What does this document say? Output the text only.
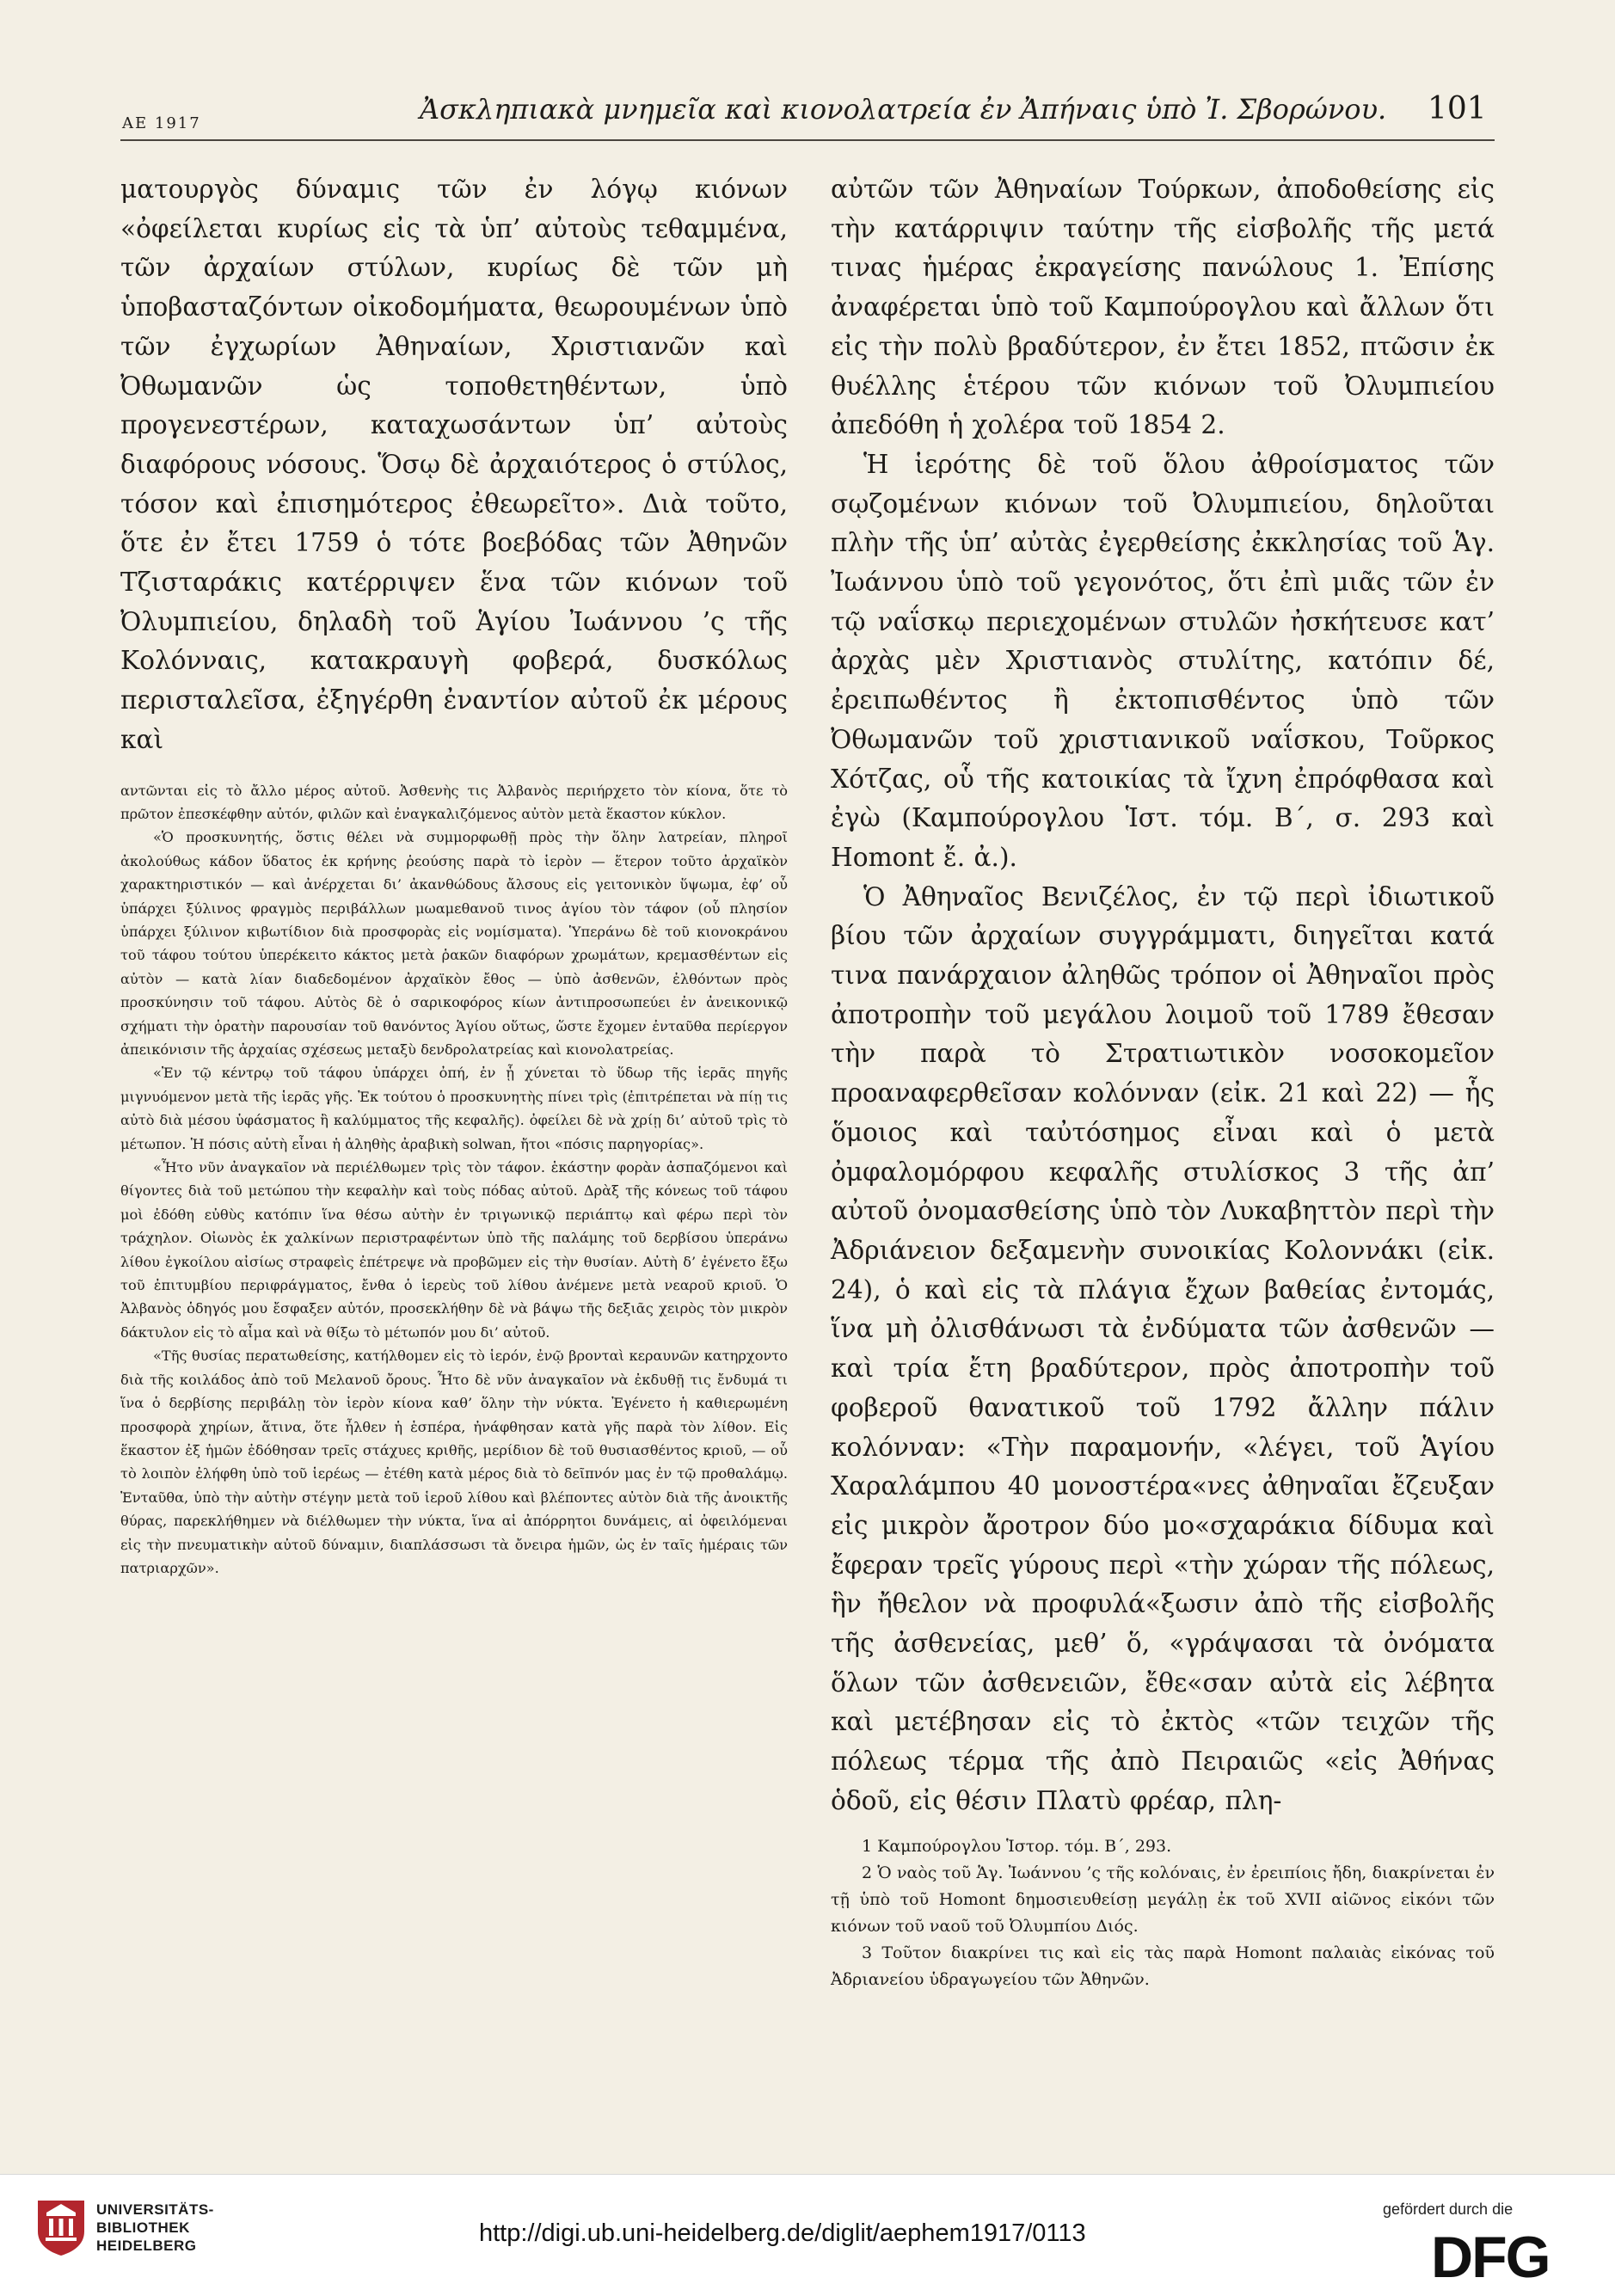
ΑΕ 1917	Ἀσκληπιακὰ μνημεῖα καὶ κιονολατρεία ἐν Ἀπήναις ὑπὸ Ἰ. Σβορώνου. 101

ματουργὸς δύναμις τῶν ἐν λόγῳ κιόνων «ὀφείλεται κυρίως εἰς τὰ ὑπ’ αὐτοὺς τεθαμμένα, τῶν ἀρχαίων στύλων, κυρίως δὲ τῶν μὴ ὑποβασταζόντων οἰκοδομήματα, θεωρουμένων ὑπὸ τῶν ἐγχωρίων Ἀθηναίων, Χριστιανῶν καὶ Ὀθωμανῶν ὡς τοποθετηθέντων, ὑπὸ προγενεστέρων, καταχωσάντων ὑπ’ αὐτοὺς διαφόρους νόσους. Ὅσῳ δὲ ἀρχαιότερος ὁ στύλος, τόσον καὶ ἐπισημότερος ἐθεωρεῖτο». Διὰ τοῦτο, ὅτε ἐν ἔτει 1759 ὁ τότε βοεβόδας τῶν Ἀθηνῶν Τζισταράκις κατέρριψεν ἕνα τῶν κιόνων τοῦ Ὀλυμπιείου, δηλαδὴ τοῦ Ἁγίου Ἰωάννου ’ς τῆς Κολόνναις, κατακραυγὴ φοβερά, δυσκόλως περισταλεῖσα, ἐξηγέρθη ἐναντίον αὐτοῦ ἐκ μέρους καὶ

αντῶνται εἰς τὸ ἄλλο μέρος αὐτοῦ. Ἀσθενὴς τις Ἀλβανὸς περιήρχετο τὸν κίονα, ὅτε τὸ πρῶτον ἐπεσκέφθην αὐτόν, φιλῶν καὶ ἐναγκαλιζόμενος αὐτὸν μετὰ ἕκαστον κύκλον.

«Ὁ προσκυνητής, ὅστις θέλει νὰ συμμορφωθῇ πρὸς τὴν ὅλην λατρείαν, πληροῖ ἀκολούθως κάδον ὕδατος ἐκ κρήνης ῥεούσης παρὰ τὸ ἱερὸν — ἕτερον τοῦτο ἀρχαϊκὸν χαρακτηριστικόν — καὶ ἀνέρχεται δι’ ἀκανθώδους ἄλσους εἰς γειτονικὸν ὕψωμα, ἐφ’ οὗ ὑπάρχει ξύλινος φραγμὸς περιβάλλων μωαμεθανοῦ τινος ἁγίου τὸν τάφον (οὗ πλησίον ὑπάρχει ξύλινον κιβωτίδιον διὰ προσφορὰς εἰς νομίσματα). Ὑπεράνω δὲ τοῦ κιονοκράνου τοῦ τάφου τούτου ὑπερέκειτο κάκτος μετὰ ῥακῶν διαφόρων χρωμάτων, κρεμασθέντων εἰς αὐτὸν — κατὰ λίαν διαδεδομένον ἀρχαϊκὸν ἔθος — ὑπὸ ἀσθενῶν, ἐλθόντων πρὸς προσκύνησιν τοῦ τάφου. Αὐτὸς δὲ ὁ σαρικοφόρος κίων ἀντιπροσωπεύει ἐν ἀνεικονικῷ σχήματι τὴν ὁρατὴν παρουσίαν τοῦ θανόντος Ἁγίου οὕτως, ὥστε ἔχομεν ἐνταῦθα περίεργον ἀπεικόνισιν τῆς ἀρχαίας σχέσεως μεταξὺ δενδρολατρείας καὶ κιονολατρείας.

«Ἐν τῷ κέντρῳ τοῦ τάφου ὑπάρχει ὀπή, ἐν ᾗ χύνεται τὸ ὕδωρ τῆς ἱερᾶς πηγῆς μιγνυόμενον μετὰ τῆς ἱερᾶς γῆς. Ἐκ τούτου ὁ προσκυνητὴς πίνει τρὶς (ἐπιτρέπεται νὰ πίῃ τις αὐτὸ διὰ μέσου ὑφάσματος ἢ καλύμματος τῆς κεφαλῆς). ὀφείλει δὲ νὰ χρίῃ δι’ αὐτοῦ τρὶς τὸ μέτωπον. Ἡ πόσις αὐτὴ εἶναι ἡ ἀληθὴς ἀραβικὴ solwan, ἤτοι «πόσις παρηγορίας».

«Ἦτο νῦν ἀναγκαῖον νὰ περιέλθωμεν τρὶς τὸν τάφον. ἑκάστην φορὰν ἀσπαζόμενοι καὶ θίγοντες διὰ τοῦ μετώπου τὴν κεφαλὴν καὶ τοὺς πόδας αὐτοῦ. Δρὰξ τῆς κόνεως τοῦ τάφου μοὶ ἐδόθη εὐθὺς κατόπιν ἵνα θέσω αὐτὴν ἐν τριγωνικῷ περιάπτῳ καὶ φέρω περὶ τὸν τράχηλον. Οἰωνὸς ἐκ χαλκίνων περιστραφέντων ὑπὸ τῆς παλάμης τοῦ δερβίσου ὑπεράνω λίθου ἐγκοίλου αἰσίως στραφεὶς ἐπέτρεψε νὰ προβῶμεν εἰς τὴν θυσίαν. Αὐτὴ δ’ ἐγένετο ἔξω τοῦ ἐπιτυμβίου περιφράγματος, ἔνθα ὁ ἱερεὺς τοῦ λίθου ἀνέμενε μετὰ νεαροῦ κριοῦ. Ὁ Ἀλβανὸς ὁδηγός μου ἔσφαξεν αὐτόν, προσεκλήθην δὲ νὰ βάψω τῆς δεξιᾶς χειρὸς τὸν μικρὸν δάκτυλον εἰς τὸ αἷμα καὶ νὰ θίξω τὸ μέτωπόν μου δι’ αὐτοῦ.

«Τῆς θυσίας περατωθείσης, κατήλθομεν εἰς τὸ ἱερόν, ἐνῷ βρονταὶ κεραυνῶν κατηρχοντο διὰ τῆς κοιλάδος ἀπὸ τοῦ Μελανοῦ ὄρους. Ἦτο δὲ νῦν ἀναγκαῖον νὰ ἐκδυθῇ τις ἔνδυμά τι ἵνα ὁ δερβίσης περιβάλῃ τὸν ἱερὸν κίονα καθ’ ὅλην τὴν νύκτα. Ἐγένετο ἡ καθιερωμένη προσφορὰ χηρίων, ἅτινα, ὅτε ἦλθεν ἡ ἑσπέρα, ἠνάφθησαν κατὰ γῆς παρὰ τὸν λίθον. Εἰς ἕκαστον ἐξ ἡμῶν ἐδόθησαν τρεῖς στάχυες κριθῆς, μερίδιον δὲ τοῦ θυσιασθέντος κριοῦ, — οὗ τὸ λοιπὸν ἐλήφθη ὑπὸ τοῦ ἱερέως — ἐτέθη κατὰ μέρος διὰ τὸ δεῖπνόν μας ἐν τῷ προθαλάμῳ. Ἐνταῦθα, ὑπὸ τὴν αὐτὴν στέγην μετὰ τοῦ ἱεροῦ λίθου καὶ βλέποντες αὐτὸν διὰ τῆς ἀνοικτῆς θύρας, παρεκλήθημεν νὰ διέλθωμεν τὴν νύκτα, ἵνα αἱ ἀπόρρητοι δυνάμεις, αἱ ὀφειλόμεναι εἰς τὴν πνευματικὴν αὐτοῦ δύναμιν, διαπλάσσωσι τὰ ὄνειρα ἡμῶν, ὡς ἐν ταῖς ἡμέραις τῶν πατριαρχῶν».

αὐτῶν τῶν Ἀθηναίων Τούρκων, ἀποδοθείσης εἰς τὴν κατάρριψιν ταύτην τῆς εἰσβολῆς τῆς μετά τινας ἡμέρας ἐκραγείσης πανώλους 1. Ἐπίσης ἀναφέρεται ὑπὸ τοῦ Καμπούρογλου καὶ ἄλλων ὅτι εἰς τὴν πολὺ βραδύτερον, ἐν ἔτει 1852, πτῶσιν ἐκ θυέλλης ἑτέρου τῶν κιόνων τοῦ Ὀλυμπιείου ἀπεδόθη ἡ χολέρα τοῦ 1854 2.

Ἡ ἱερότης δὲ τοῦ ὅλου ἀθροίσματος τῶν σῳζομένων κιόνων τοῦ Ὀλυμπιείου, δηλοῦται πλὴν τῆς ὑπ’ αὐτὰς ἐγερθείσης ἐκκλησίας τοῦ Ἁγ. Ἰωάννου ὑπὸ τοῦ γεγονότος, ὅτι ἐπὶ μιᾶς τῶν ἐν τῷ ναΐσκῳ περιεχομένων στυλῶν ἠσκήτευσε κατ’ ἀρχὰς μὲν Χριστιανὸς στυλίτης, κατόπιν δέ, ἐρειπωθέντος ἢ ἐκτοπισθέντος ὑπὸ τῶν Ὀθωμανῶν τοῦ χριστιανικοῦ ναΐσκου, Τοῦρκος Χότζας, οὗ τῆς κατοικίας τὰ ἴχνη ἐπρόφθασα καὶ ἐγὼ (Καμπούρογλου Ἱστ. τόμ. Β΄, σ. 293 καὶ Homont ἔ. ἀ.).

Ὁ Ἀθηναῖος Βενιζέλος, ἐν τῷ περὶ ἰδιωτικοῦ βίου τῶν ἀρχαίων συγγράμματι, διηγεῖται κατά τινα πανάρχαιον ἀληθῶς τρόπον οἱ Ἀθηναῖοι πρὸς ἀποτροπὴν τοῦ μεγάλου λοιμοῦ τοῦ 1789 ἔθεσαν τὴν παρὰ τὸ Στρατιωτικὸν νοσοκομεῖον προαναφερθεῖσαν κολόνναν (εἰκ. 21 καὶ 22) — ἧς ὅμοιος καὶ ταὐτόσημος εἶναι καὶ ὁ μετὰ ὀμφαλομόρφου κεφαλῆς στυλίσκος 3 τῆς ἀπ’ αὐτοῦ ὀνομασθείσης ὑπὸ τὸν Λυκαβηττὸν περὶ τὴν Ἀδριάνειον δεξαμενὴν συνοικίας Κολοννάκι (εἰκ. 24), ὁ καὶ εἰς τὰ πλάγια ἔχων βαθείας ἐντομάς, ἵνα μὴ ὀλισθάνωσι τὰ ἐνδύματα τῶν ἀσθενῶν — καὶ τρία ἔτη βραδύτερον, πρὸς ἀποτροπὴν τοῦ φοβεροῦ θανατικοῦ τοῦ 1792 ἄλλην πάλιν κολόνναν: «Τὴν παραμονήν, «λέγει, τοῦ Ἁγίου Χαραλάμπου 40 μονοστέρα«νες ἀθηναῖαι ἔζευξαν εἰς μικρὸν ἄροτρον δύο μο«σχαράκια δίδυμα καὶ ἔφεραν τρεῖς γύρους περὶ «τὴν χώραν τῆς πόλεως, ἣν ἤθελον νὰ προφυλά«ξωσιν ἀπὸ τῆς εἰσβολῆς τῆς ἀσθενείας, μεθ’ ὅ, «γράψασαι τὰ ὀνόματα ὅλων τῶν ἀσθενειῶν, ἔθε«σαν αὐτὰ εἰς λέβητα καὶ μετέβησαν εἰς τὸ ἐκτὸς «τῶν τειχῶν τῆς πόλεως τέρμα τῆς ἀπὸ Πειραιῶς «εἰς Ἀθήνας ὁδοῦ, εἰς θέσιν Πλατὺ φρέαρ, πλη-

1 Καμπούρογλου Ἱστορ. τόμ. Β΄, 293.

2 Ὁ ναὸς τοῦ Ἁγ. Ἰωάννου ’ς τῆς κολόναις, ἐν ἐρειπίοις ἤδη, διακρίνεται ἐν τῇ ὑπὸ τοῦ Homont δημοσιευθείσῃ μεγάλῃ ἐκ τοῦ XVII αἰῶνος εἰκόνι τῶν κιόνων τοῦ ναοῦ τοῦ Ὀλυμπίου Διός.

3 Τοῦτον διακρίνει τις καὶ εἰς τὰς παρὰ Homont παλαιὰς εἰκόνας τοῦ Ἀδριανείου ὑδραγωγείου τῶν Ἀθηνῶν.

UNIVERSITÄTS-
BIBLIOTHEK
HEIDELBERG	http://digi.ub.uni-heidelberg.de/diglit/aephem1917/0113
gefördert durch die
DFG
